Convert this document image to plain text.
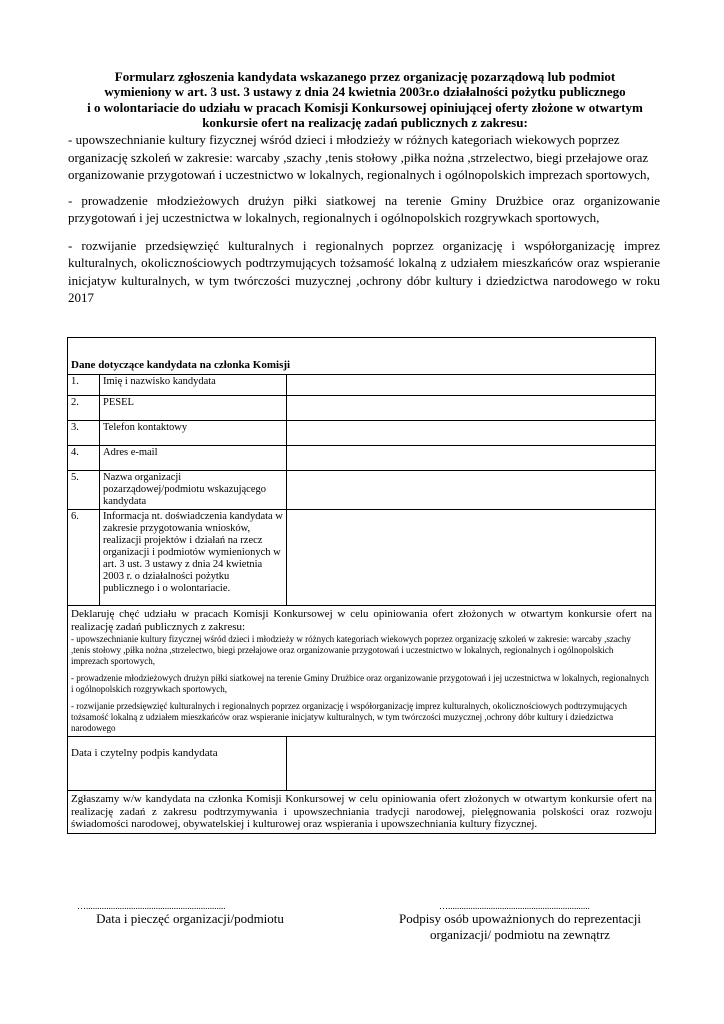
Formularz zgłoszenia kandydata wskazanego przez organizację pozarządową lub podmiot
wymieniony w art. 3 ust. 3 ustawy z dnia 24 kwietnia 2003r.o działalności pożytku publicznego
i o wolontariacie do udziału w pracach Komisji Konkursowej opiniującej oferty złożone w otwartym
konkursie ofert na realizację zadań publicznych z zakresu:

- upowszechnianie kultury fizycznej wśród dzieci i młodzieży w różnych kategoriach wiekowych poprzez organizację szkoleń w zakresie: warcaby ,szachy ,tenis stołowy ,piłka nożna ,strzelectwo, biegi przełajowe oraz organizowanie przygotowań i uczestnictwo w lokalnych, regionalnych i ogólnopolskich imprezach sportowych,

- prowadzenie młodzieżowych drużyn piłki siatkowej na terenie Gminy Drużbice oraz organizowanie przygotowań i jej uczestnictwa w lokalnych, regionalnych i ogólnopolskich rozgrywkach sportowych,

- rozwijanie przedsięwzięć kulturalnych i regionalnych poprzez organizację i współorganizację imprez kulturalnych, okolicznościowych podtrzymujących tożsamość lokalną z udziałem mieszkańców oraz wspieranie inicjatyw kulturalnych, w tym twórczości muzycznej ,ochrony dóbr kultury i dziedzictwa narodowego w roku 2017

Dane dotyczące kandydata na członka Komisji		
1.	Imię i nazwisko kandydata	
2.	PESEL	
3.	Telefon kontaktowy	
4.	Adres e-mail	
5.	Nazwa organizacji pozarządowej/podmiotu wskazującego kandydata	
6.	Informacja nt. doświadczenia kandydata w zakresie przygotowania wniosków, realizacji projektów i działań na rzecz organizacji i podmiotów wymienionych w art. 3 ust. 3 ustawy z dnia 24 kwietnia 2003 r. o działalności pożytku publicznego i o wolontariacie.	

Deklaruję chęć udziału w pracach Komisji Konkursowej w celu opiniowania ofert złożonych w otwartym konkursie ofert na realizację zadań publicznych z zakresu:
- upowszechnianie kultury fizycznej wśród dzieci i młodzieży w różnych kategoriach wiekowych poprzez organizację szkoleń w zakresie: warcaby ,szachy ,tenis stołowy ,piłka nożna ,strzelectwo, biegi przełajowe oraz organizowanie przygotowań i uczestnictwo w lokalnych, regionalnych i ogólnopolskich imprezach sportowych,
- prowadzenie młodzieżowych drużyn piłki siatkowej na terenie Gminy Drużbice oraz organizowanie przygotowań i jej uczestnictwa w lokalnych, regionalnych i ogólnopolskich rozgrywkach sportowych,
- rozwijanie przedsięwzięć kulturalnych i regionalnych poprzez organizację i współorganizację imprez kulturalnych, okolicznościowych podtrzymujących tożsamość lokalną z udziałem mieszkańców oraz wspieranie inicjatyw kulturalnych, w tym twórczości muzycznej ,ochrony dóbr kultury i dziedzictwa narodowego		

Data i czytelny podpis kandydata		
Zgłaszamy w/w kandydata na członka Komisji Konkursowej w celu opiniowania ofert złożonych w otwartym konkursie ofert na realizację zadań z zakresu podtrzymywania i upowszechniania tradycji narodowej, pielęgnowania polskości oraz rozwoju świadomości narodowej, obywatelskiej i kulturowej oraz wspierania i upowszechniania kultury fizycznej.		
…..............................................................	…...............................................................
Data i pieczęć organizacji/podmiotu	Podpisy osób upoważnionych do reprezentacji
organizacji/ podmiotu na zewnątrz
